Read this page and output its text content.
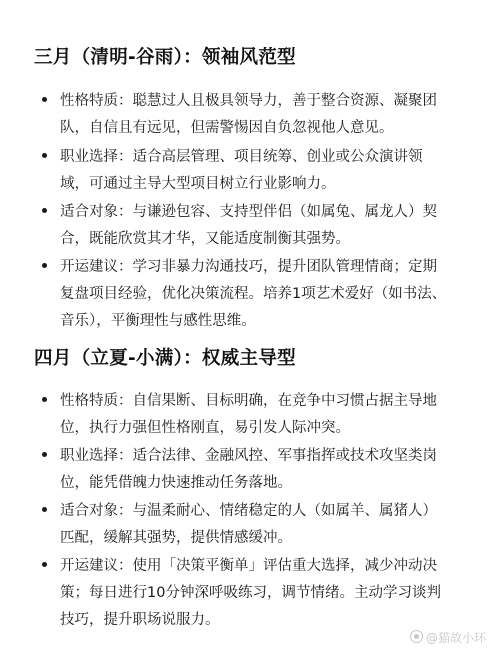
三月（清明-谷雨）：领袖风范型
性格特质：聪慧过人且极具领导力，善于整合资源、凝聚团
队，自信且有远见，但需警惕因自负忽视他人意见。
职业选择：适合高层管理、项目统筹、创业或公众演讲领
域，可通过主导大型项目树立行业影响力。
适合对象：与谦逊包容、支持型伴侣（如属兔、属龙人）契
合，既能欣赏其才华，又能适度制衡其强势。
开运建议：学习非暴力沟通技巧，提升团队管理情商；定期
复盘项目经验，优化决策流程。培养1项艺术爱好（如书法、
音乐），平衡理性与感性思维。
四月（立夏-小满）：权威主导型
性格特质：自信果断、目标明确，在竞争中习惯占据主导地
位，执行力强但性格刚直，易引发人际冲突。
职业选择：适合法律、金融风控、军事指挥或技术攻坚类岗
位，能凭借魄力快速推动任务落地。
适合对象：与温柔耐心、情绪稳定的人（如属羊、属猪人）
匹配，缓解其强势，提供情感缓冲。
开运建议：使用「决策平衡单」评估重大选择，减少冲动决
策；每日进行10分钟深呼吸练习，调节情绪。主动学习谈判
技巧，提升职场说服力。
@猫故小环
